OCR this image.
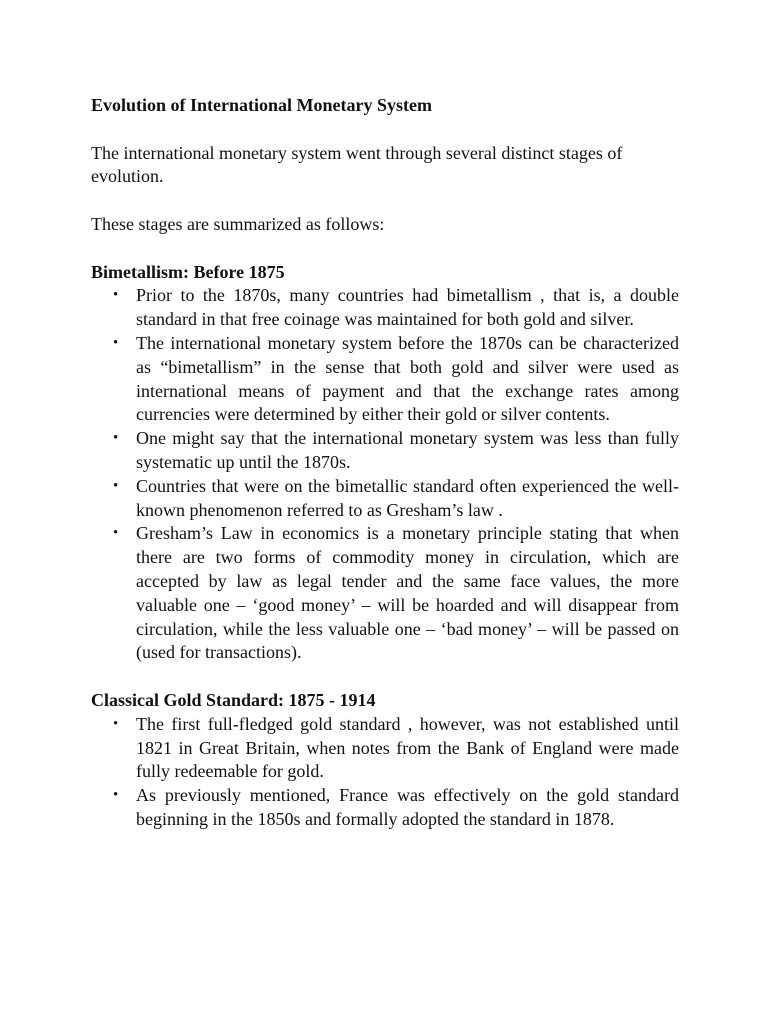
Evolution of International Monetary System
The international monetary system went through several distinct stages of evolution.
These stages are summarized as follows:
Bimetallism: Before 1875
• Prior to the 1870s, many countries had bimetallism , that is, a double standard in that free coinage was maintained for both gold and silver.
• The international monetary system before the 1870s can be characterized as “bimetallism” in the sense that both gold and silver were used as international means of payment and that the exchange rates among currencies were determined by either their gold or silver contents.
• One might say that the international monetary system was less than fully systematic up until the 1870s.
• Countries that were on the bimetallic standard often experienced the well-known phenomenon referred to as Gresham’s law .
• Gresham’s Law in economics is a monetary principle stating that when there are two forms of commodity money in circulation, which are accepted by law as legal tender and the same face values, the more valuable one – ‘good money’ – will be hoarded and will disappear from circulation, while the less valuable one – ‘bad money’ – will be passed on (used for transactions).
Classical Gold Standard: 1875 - 1914
• The first full-fledged gold standard , however, was not established until 1821 in Great Britain, when notes from the Bank of England were made fully redeemable for gold.
• As previously mentioned, France was effectively on the gold standard beginning in the 1850s and formally adopted the standard in 1878.
